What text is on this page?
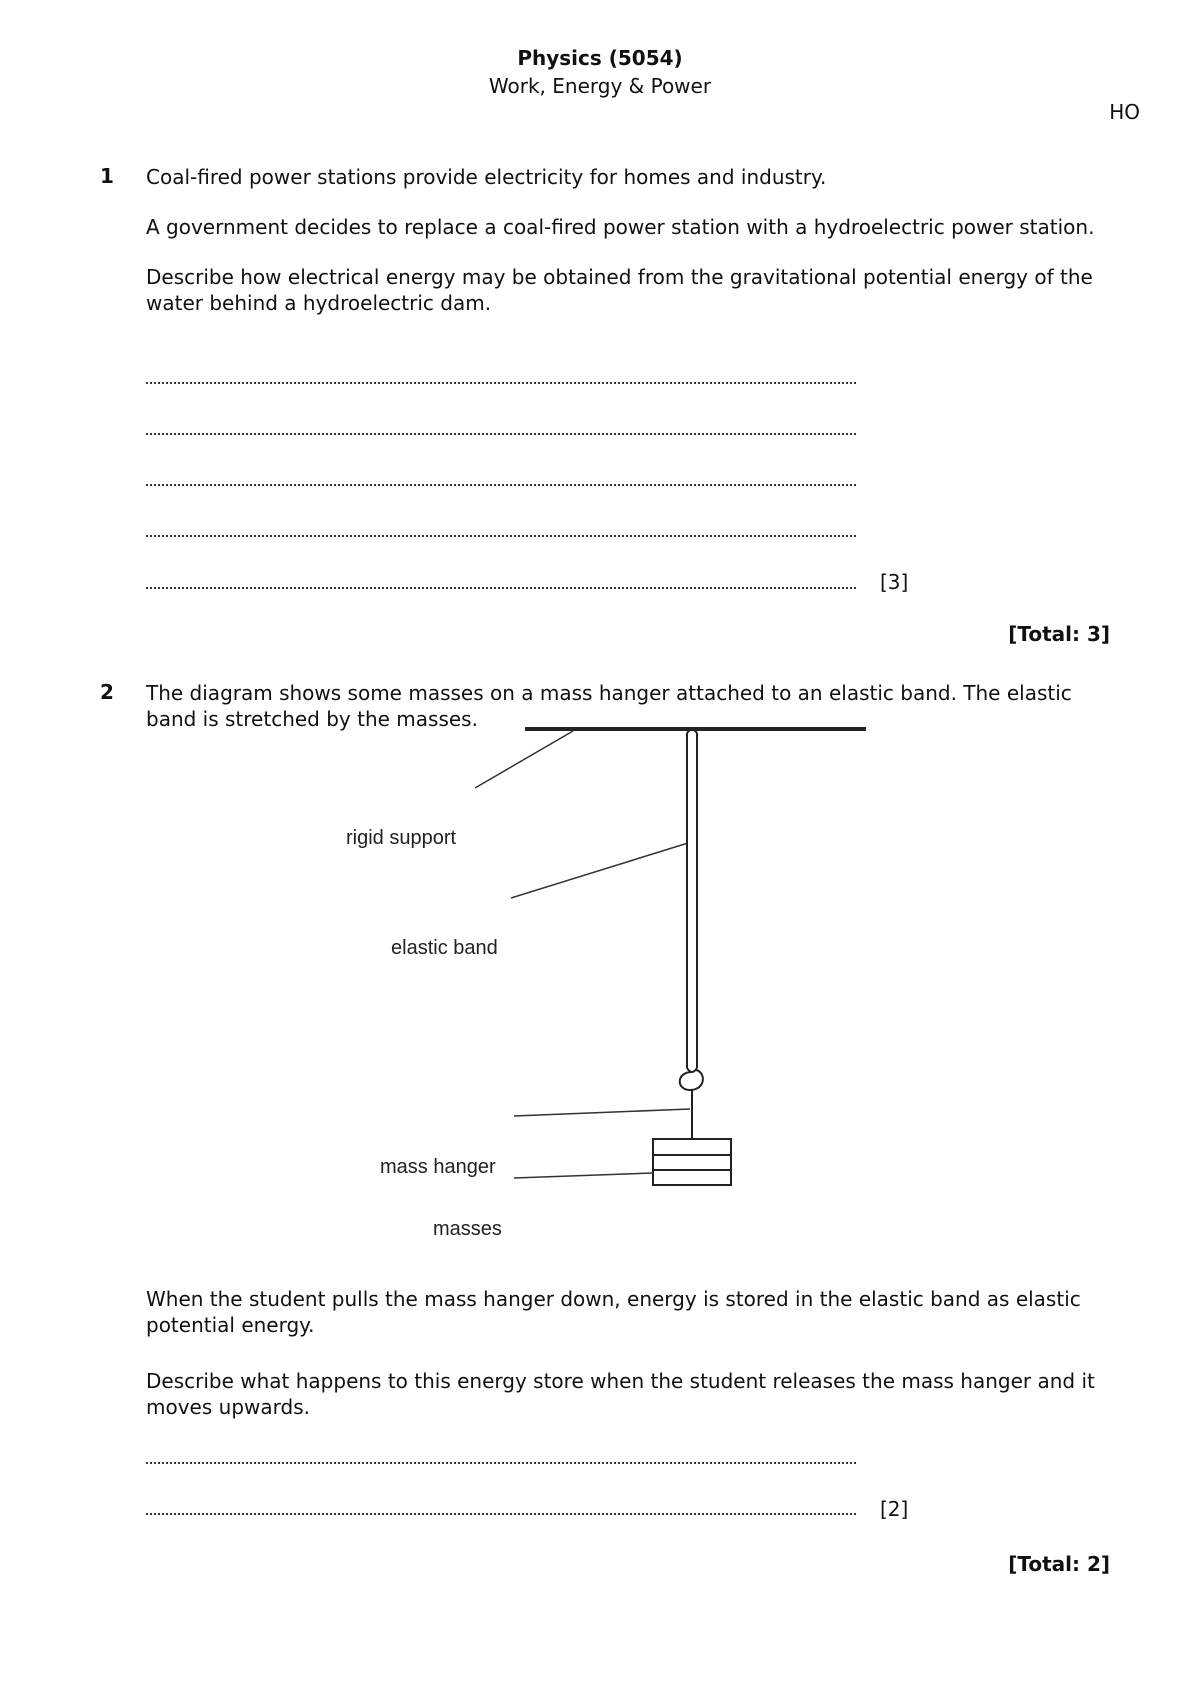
Physics (5054)
Work, Energy & Power
HO
1 Coal-fired power stations provide electricity for homes and industry.
A government decides to replace a coal-fired power station with a hydroelectric power station.
Describe how electrical energy may be obtained from the gravitational potential energy of the water behind a hydroelectric dam.
[3]
[Total: 3]
2 The diagram shows some masses on a mass hanger attached to an elastic band. The elastic band is stretched by the masses.
rigid support
elastic band
mass hanger
masses
When the student pulls the mass hanger down, energy is stored in the elastic band as elastic potential energy.
Describe what happens to this energy store when the student releases the mass hanger and it moves upwards.
[2]
[Total: 2]
